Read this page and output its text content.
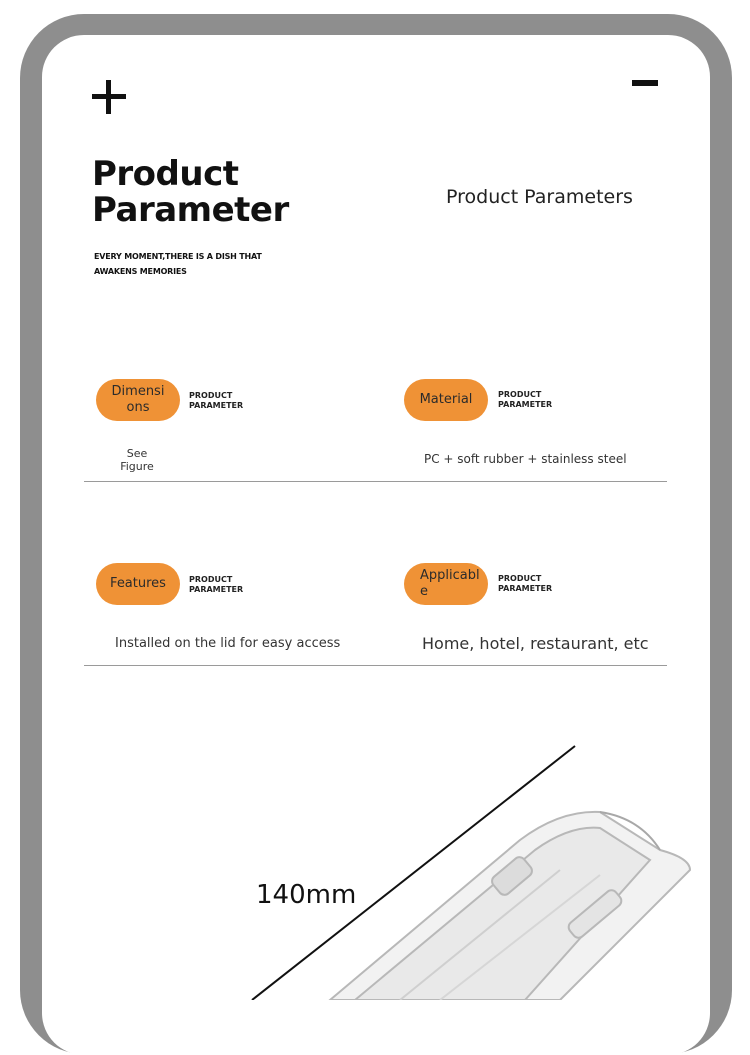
Product
Parameter
EVERY MOMENT,THERE IS A DISH THAT
AWAKENS MEMORIES
Product Parameters
Dimensi
ons
PRODUCT
PARAMETER
See
Figure
Material	PRODUCT
PARAMETER
PC + soft rubber + stainless steel
Features	PRODUCT
PARAMETER
Installed on the lid for easy access
Applicabl
e
PRODUCT
PARAMETER
Home, hotel, restaurant, etc
140mm
